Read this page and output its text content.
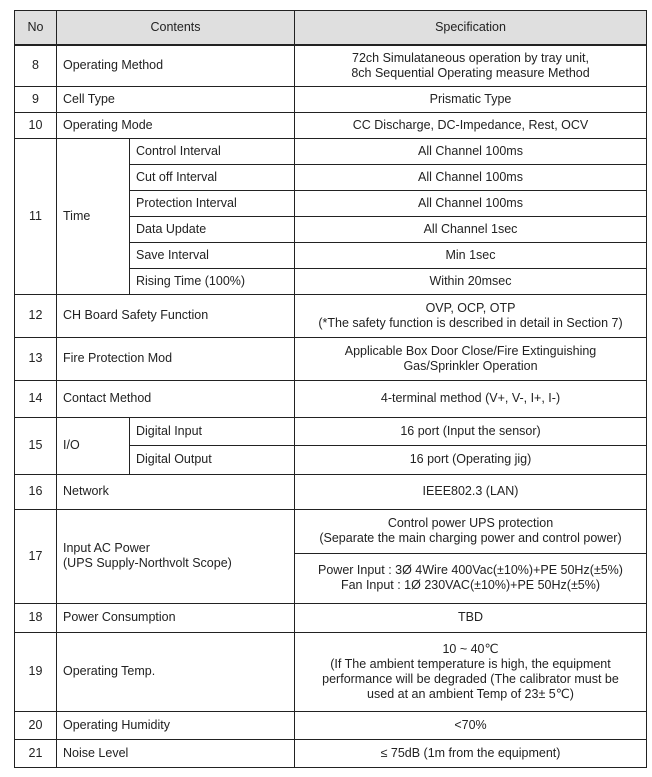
No	Contents		Specification
8	Operating Method		72ch Simulataneous operation by tray unit,
8ch Sequential Operating measure Method

9	Cell Type		Prismatic Type
10	Operating Mode		CC Discharge, DC-Impedance, Rest, OCV
11	Time	Control Interval	All Channel 100ms
		Cut off Interval	All Channel 100ms
		Protection Interval	All Channel 100ms
		Data Update	All Channel 1sec
		Save Interval	Min 1sec
		Rising Time (100%)	Within 20msec
12	CH Board Safety Function		OVP, OCP, OTP
(*The safety function is described in detail in Section 7)

13	Fire Protection Mod		Applicable Box Door Close/Fire Extinguishing
Gas/Sprinkler Operation

14	Contact Method		4-terminal method (V+, V-, I+, I-)
15	I/O	Digital Input	16 port (Input the sensor)
		Digital Output	16 port (Operating jig)
16	Network		IEEE802.3 (LAN)
17	Input AC Power
(UPS Supply-Northvolt Scope)		Control power UPS protection
(Separate the main charging power and control power)

			Power Input : 3Ø 4Wire 400Vac(±10%)+PE 50Hz(±5%)
Fan Input : 1Ø 230VAC(±10%)+PE 50Hz(±5%)

18	Power Consumption		TBD
19	Operating Temp.		10 ~ 40℃
(If The ambient temperature is high, the equipment
performance will be degraded (The calibrator must be
used at an ambient Temp of 23± 5℃)

20	Operating Humidity		<70%
21	Noise Level		≤ 75dB (1m from the equipment)
